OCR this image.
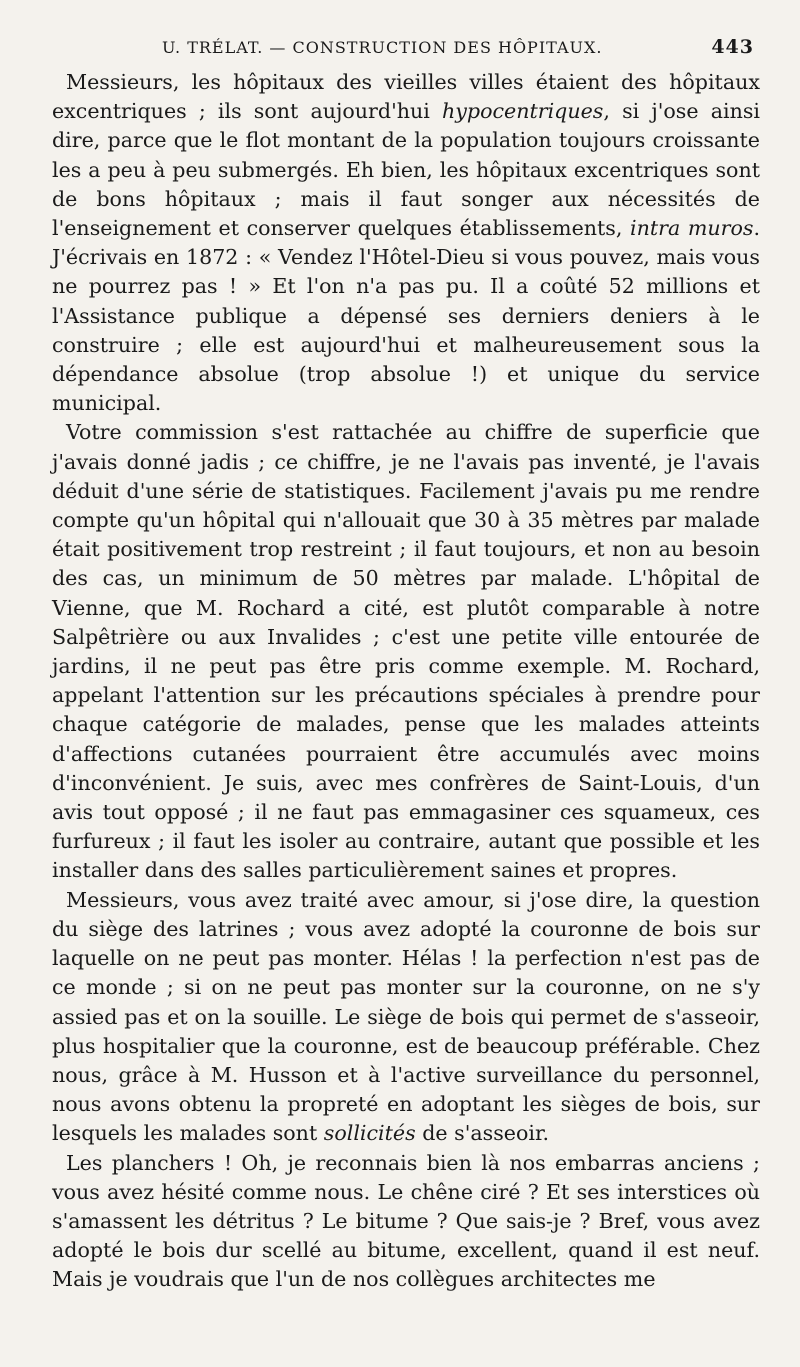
U. TRÉLAT. — CONSTRUCTION DES HÔPITAUX.	443

Messieurs, les hôpitaux des vieilles villes étaient des hôpitaux excentriques ; ils sont aujourd'hui hypocentriques, si j'ose ainsi dire, parce que le flot montant de la population toujours croissante les a peu à peu submergés. Eh bien, les hôpitaux excentriques sont de bons hôpitaux ; mais il faut songer aux nécessités de l'enseignement et conserver quelques établissements, intra muros. J'écrivais en 1872 : « Vendez l'Hôtel-Dieu si vous pouvez, mais vous ne pourrez pas ! » Et l'on n'a pas pu. Il a coûté 52 millions et l'Assistance publique a dépensé ses derniers deniers à le construire ; elle est aujourd'hui et malheureusement sous la dépendance absolue (trop absolue !) et unique du service municipal.

Votre commission s'est rattachée au chiffre de superficie que j'avais donné jadis ; ce chiffre, je ne l'avais pas inventé, je l'avais déduit d'une série de statistiques. Facilement j'avais pu me rendre compte qu'un hôpital qui n'allouait que 30 à 35 mètres par malade était positivement trop restreint ; il faut toujours, et non au besoin des cas, un minimum de 50 mètres par malade. L'hôpital de Vienne, que M. Rochard a cité, est plutôt comparable à notre Salpêtrière ou aux Invalides ; c'est une petite ville entourée de jardins, il ne peut pas être pris comme exemple. M. Rochard, appelant l'attention sur les précautions spéciales à prendre pour chaque catégorie de malades, pense que les malades atteints d'affections cutanées pourraient être accumulés avec moins d'inconvénient. Je suis, avec mes confrères de Saint-Louis, d'un avis tout opposé ; il ne faut pas emmagasiner ces squameux, ces furfureux ; il faut les isoler au contraire, autant que possible et les installer dans des salles particulièrement saines et propres.

Messieurs, vous avez traité avec amour, si j'ose dire, la question du siège des latrines ; vous avez adopté la couronne de bois sur laquelle on ne peut pas monter. Hélas ! la perfection n'est pas de ce monde ; si on ne peut pas monter sur la couronne, on ne s'y assied pas et on la souille. Le siège de bois qui permet de s'asseoir, plus hospitalier que la couronne, est de beaucoup préférable. Chez nous, grâce à M. Husson et à l'active surveillance du personnel, nous avons obtenu la propreté en adoptant les sièges de bois, sur lesquels les malades sont sollicités de s'asseoir.

Les planchers ! Oh, je reconnais bien là nos embarras anciens ; vous avez hésité comme nous. Le chêne ciré ? Et ses interstices où s'amassent les détritus ? Le bitume ? Que sais-je ? Bref, vous avez adopté le bois dur scellé au bitume, excellent, quand il est neuf. Mais je voudrais que l'un de nos collègues architectes me
